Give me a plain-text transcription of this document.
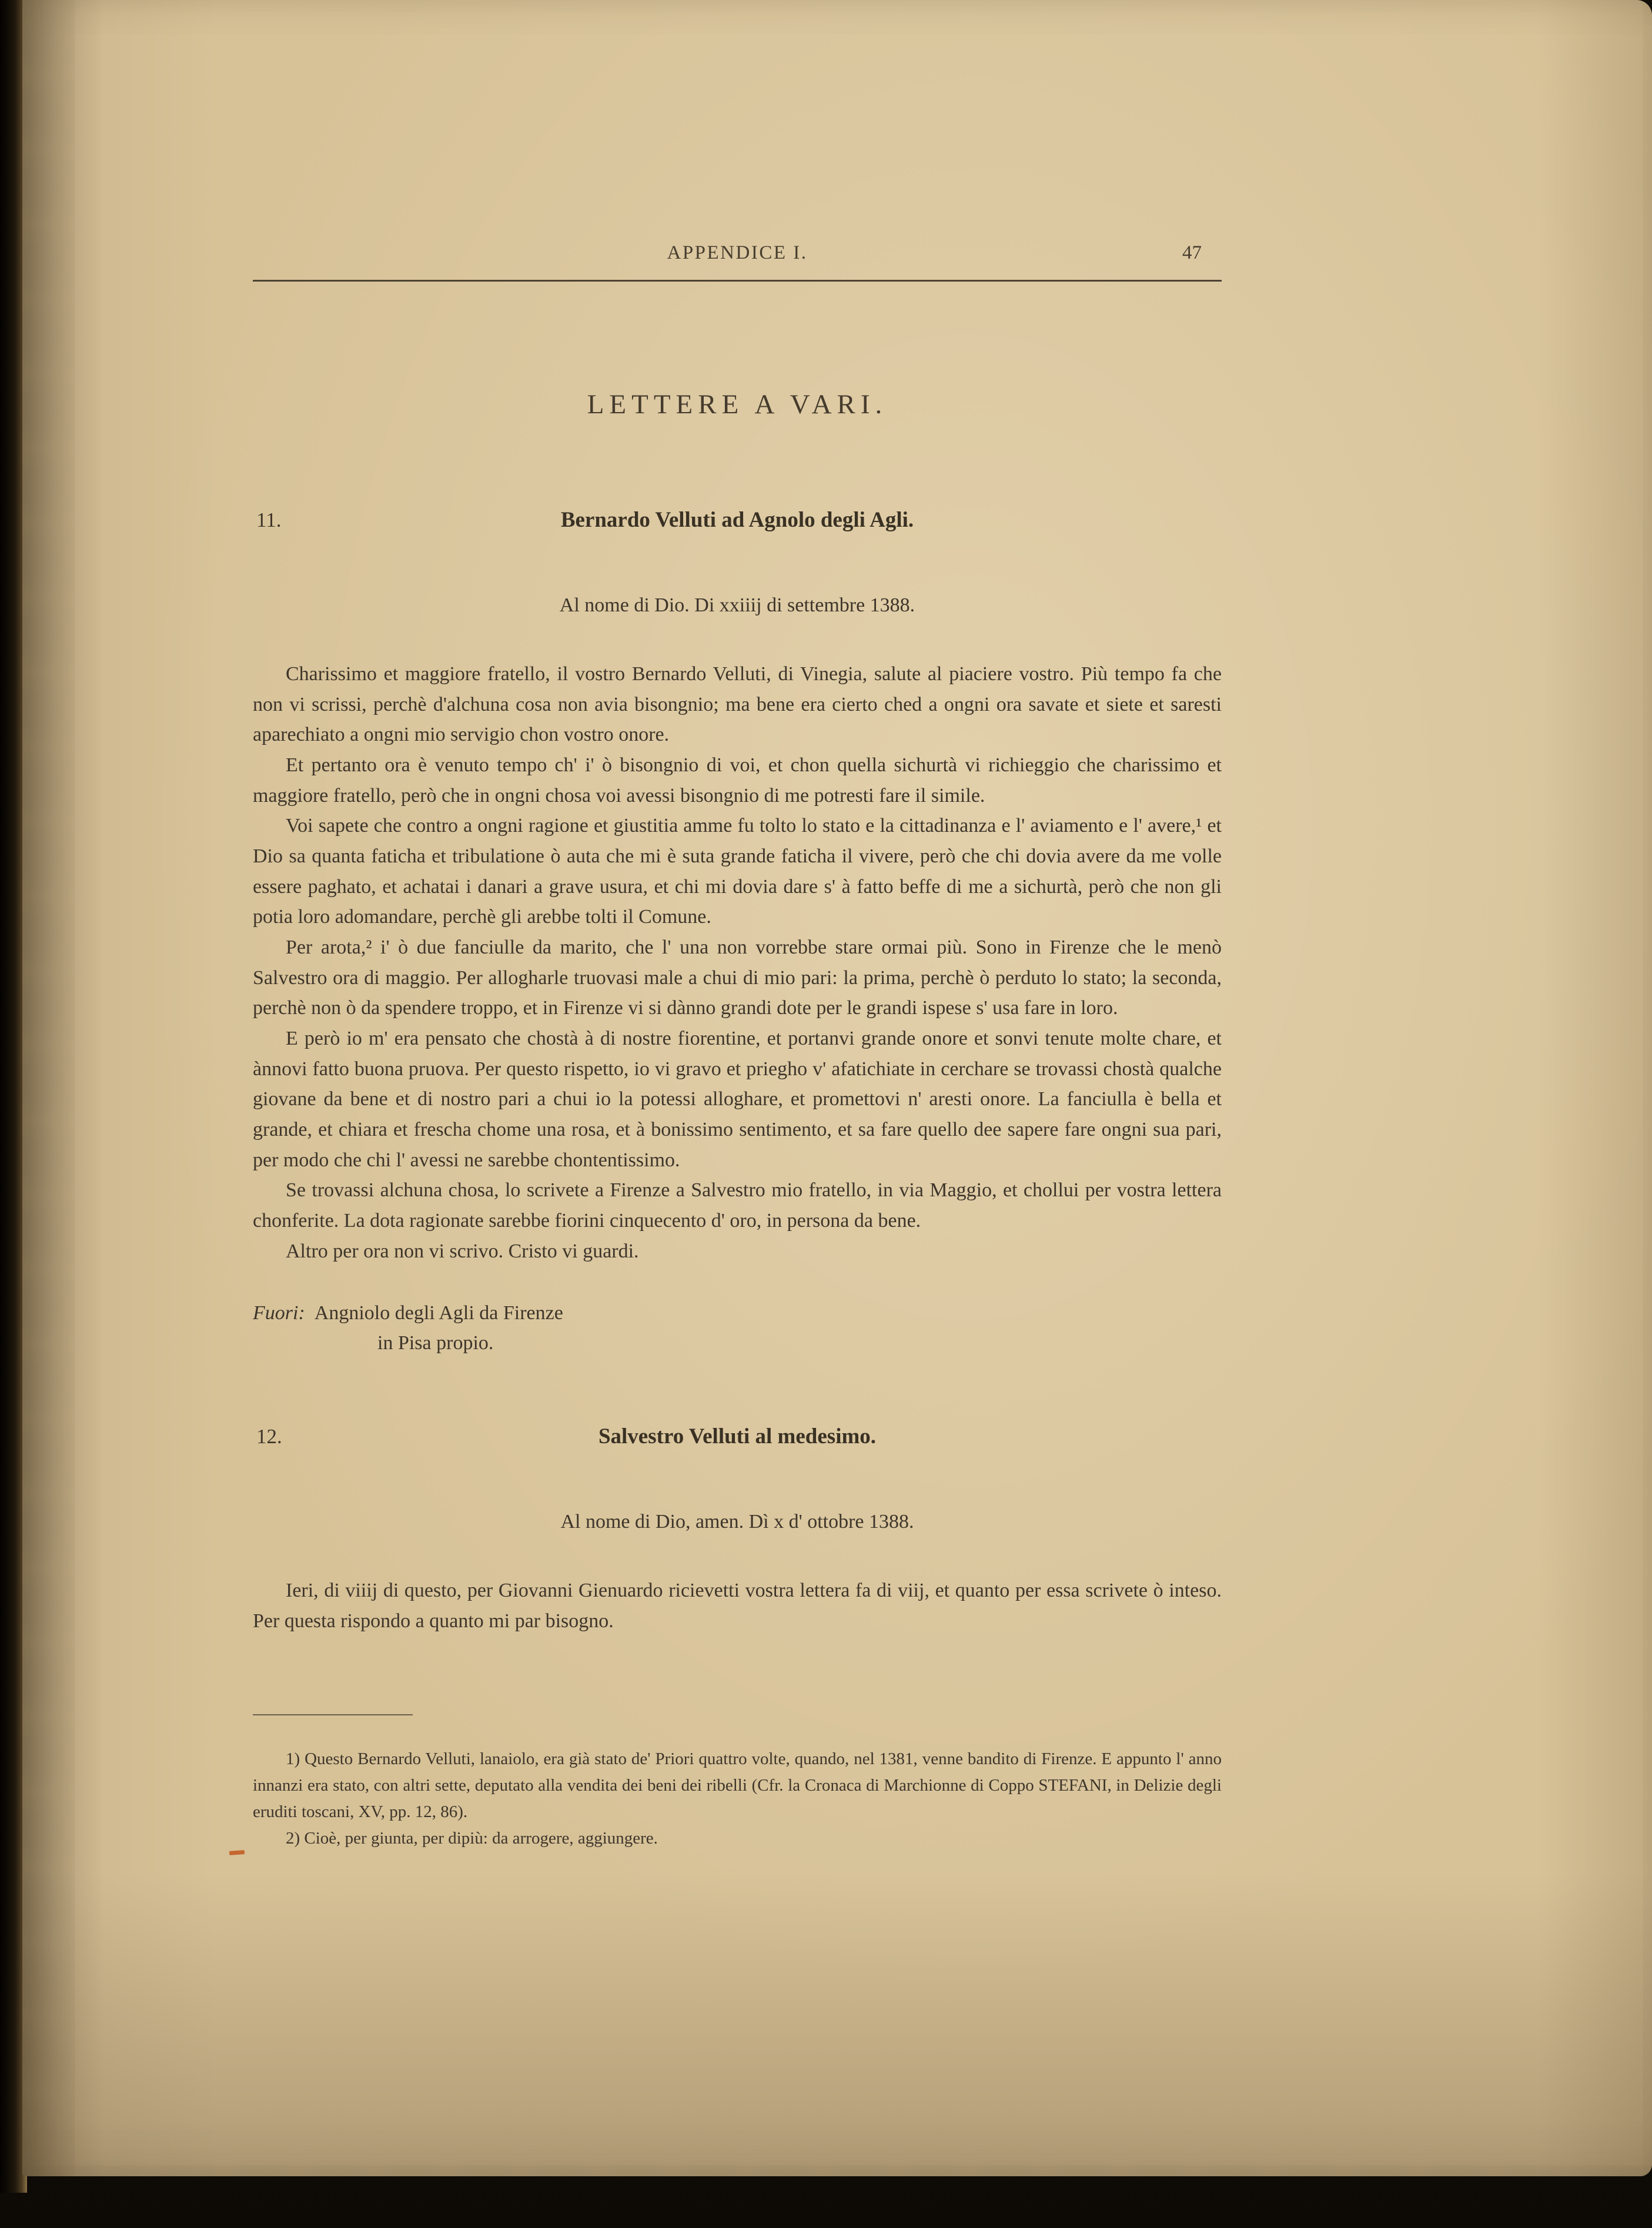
APPENDICE I.	47
LETTERE A VARI.
11.	Bernardo Velluti ad Agnolo degli Agli.
Al nome di Dio. Di xxiiij di settembre 1388.

Charissimo et maggiore fratello, il vostro Bernardo Velluti, di Vinegia, salute al piaciere vostro. Più tempo fa che non vi scrissi, perchè d'alchuna cosa non avia bisongnio; ma bene era cierto ched a ongni ora savate et siete et saresti aparechiato a ongni mio servigio chon vostro onore.

Et pertanto ora è venuto tempo ch' i' ò bisongnio di voi, et chon quella sichurtà vi richieggio che charissimo et maggiore fratello, però che in ongni chosa voi avessi bisongnio di me potresti fare il simile.

Voi sapete che contro a ongni ragione et giustitia amme fu tolto lo stato e la cittadinanza e l' aviamento e l' avere,¹ et Dio sa quanta faticha et tribulatione ò auta che mi è suta grande faticha il vivere, però che chi dovia avere da me volle essere paghato, et achatai i danari a grave usura, et chi mi dovia dare s' à fatto beffe di me a sichurtà, però che non gli potia loro adomandare, perchè gli arebbe tolti il Comune.

Per arota,² i' ò due fanciulle da marito, che l' una non vorrebbe stare ormai più. Sono in Firenze che le menò Salvestro ora di maggio. Per allogharle truovasi male a chui di mio pari: la prima, perchè ò perduto lo stato; la seconda, perchè non ò da spendere troppo, et in Firenze vi si dànno grandi dote per le grandi ispese s' usa fare in loro.

E però io m' era pensato che chostà à di nostre fiorentine, et portanvi grande onore et sonvi tenute molte chare, et ànnovi fatto buona pruova. Per questo rispetto, io vi gravo et priegho v' afatichiate in cerchare se trovassi chostà qualche giovane da bene et di nostro pari a chui io la potessi alloghare, et promettovi n' aresti onore. La fanciulla è bella et grande, et chiara et frescha chome una rosa, et à bonissimo sentimento, et sa fare quello dee sapere fare ongni sua pari, per modo che chi l' avessi ne sarebbe chontentissimo.

Se trovassi alchuna chosa, lo scrivete a Firenze a Salvestro mio fratello, in via Maggio, et chollui per vostra lettera chonferite. La dota ragionate sarebbe fiorini cinquecento d' oro, in persona da bene.

Altro per ora non vi scrivo. Cristo vi guardi.

Fuori: Angniolo degli Agli da Firenze
in Pisa propio.
12.	Salvestro Velluti al medesimo.
Al nome di Dio, amen. Dì x d' ottobre 1388.

Ieri, di viiij di questo, per Giovanni Gienuardo ricievetti vostra lettera fa di viij, et quanto per essa scrivete ò inteso. Per questa rispondo a quanto mi par bisogno.

1) Questo Bernardo Velluti, lanaiolo, era già stato de' Priori quattro volte, quando, nel 1381, venne bandito di Firenze. E appunto l' anno innanzi era stato, con altri sette, deputato alla vendita dei beni dei ribelli (Cfr. la Cronaca di Marchionne di Coppo STEFANI, in Delizie degli eruditi toscani, XV, pp. 12, 86).

2) Cioè, per giunta, per dipiù: da arrogere, aggiungere.
